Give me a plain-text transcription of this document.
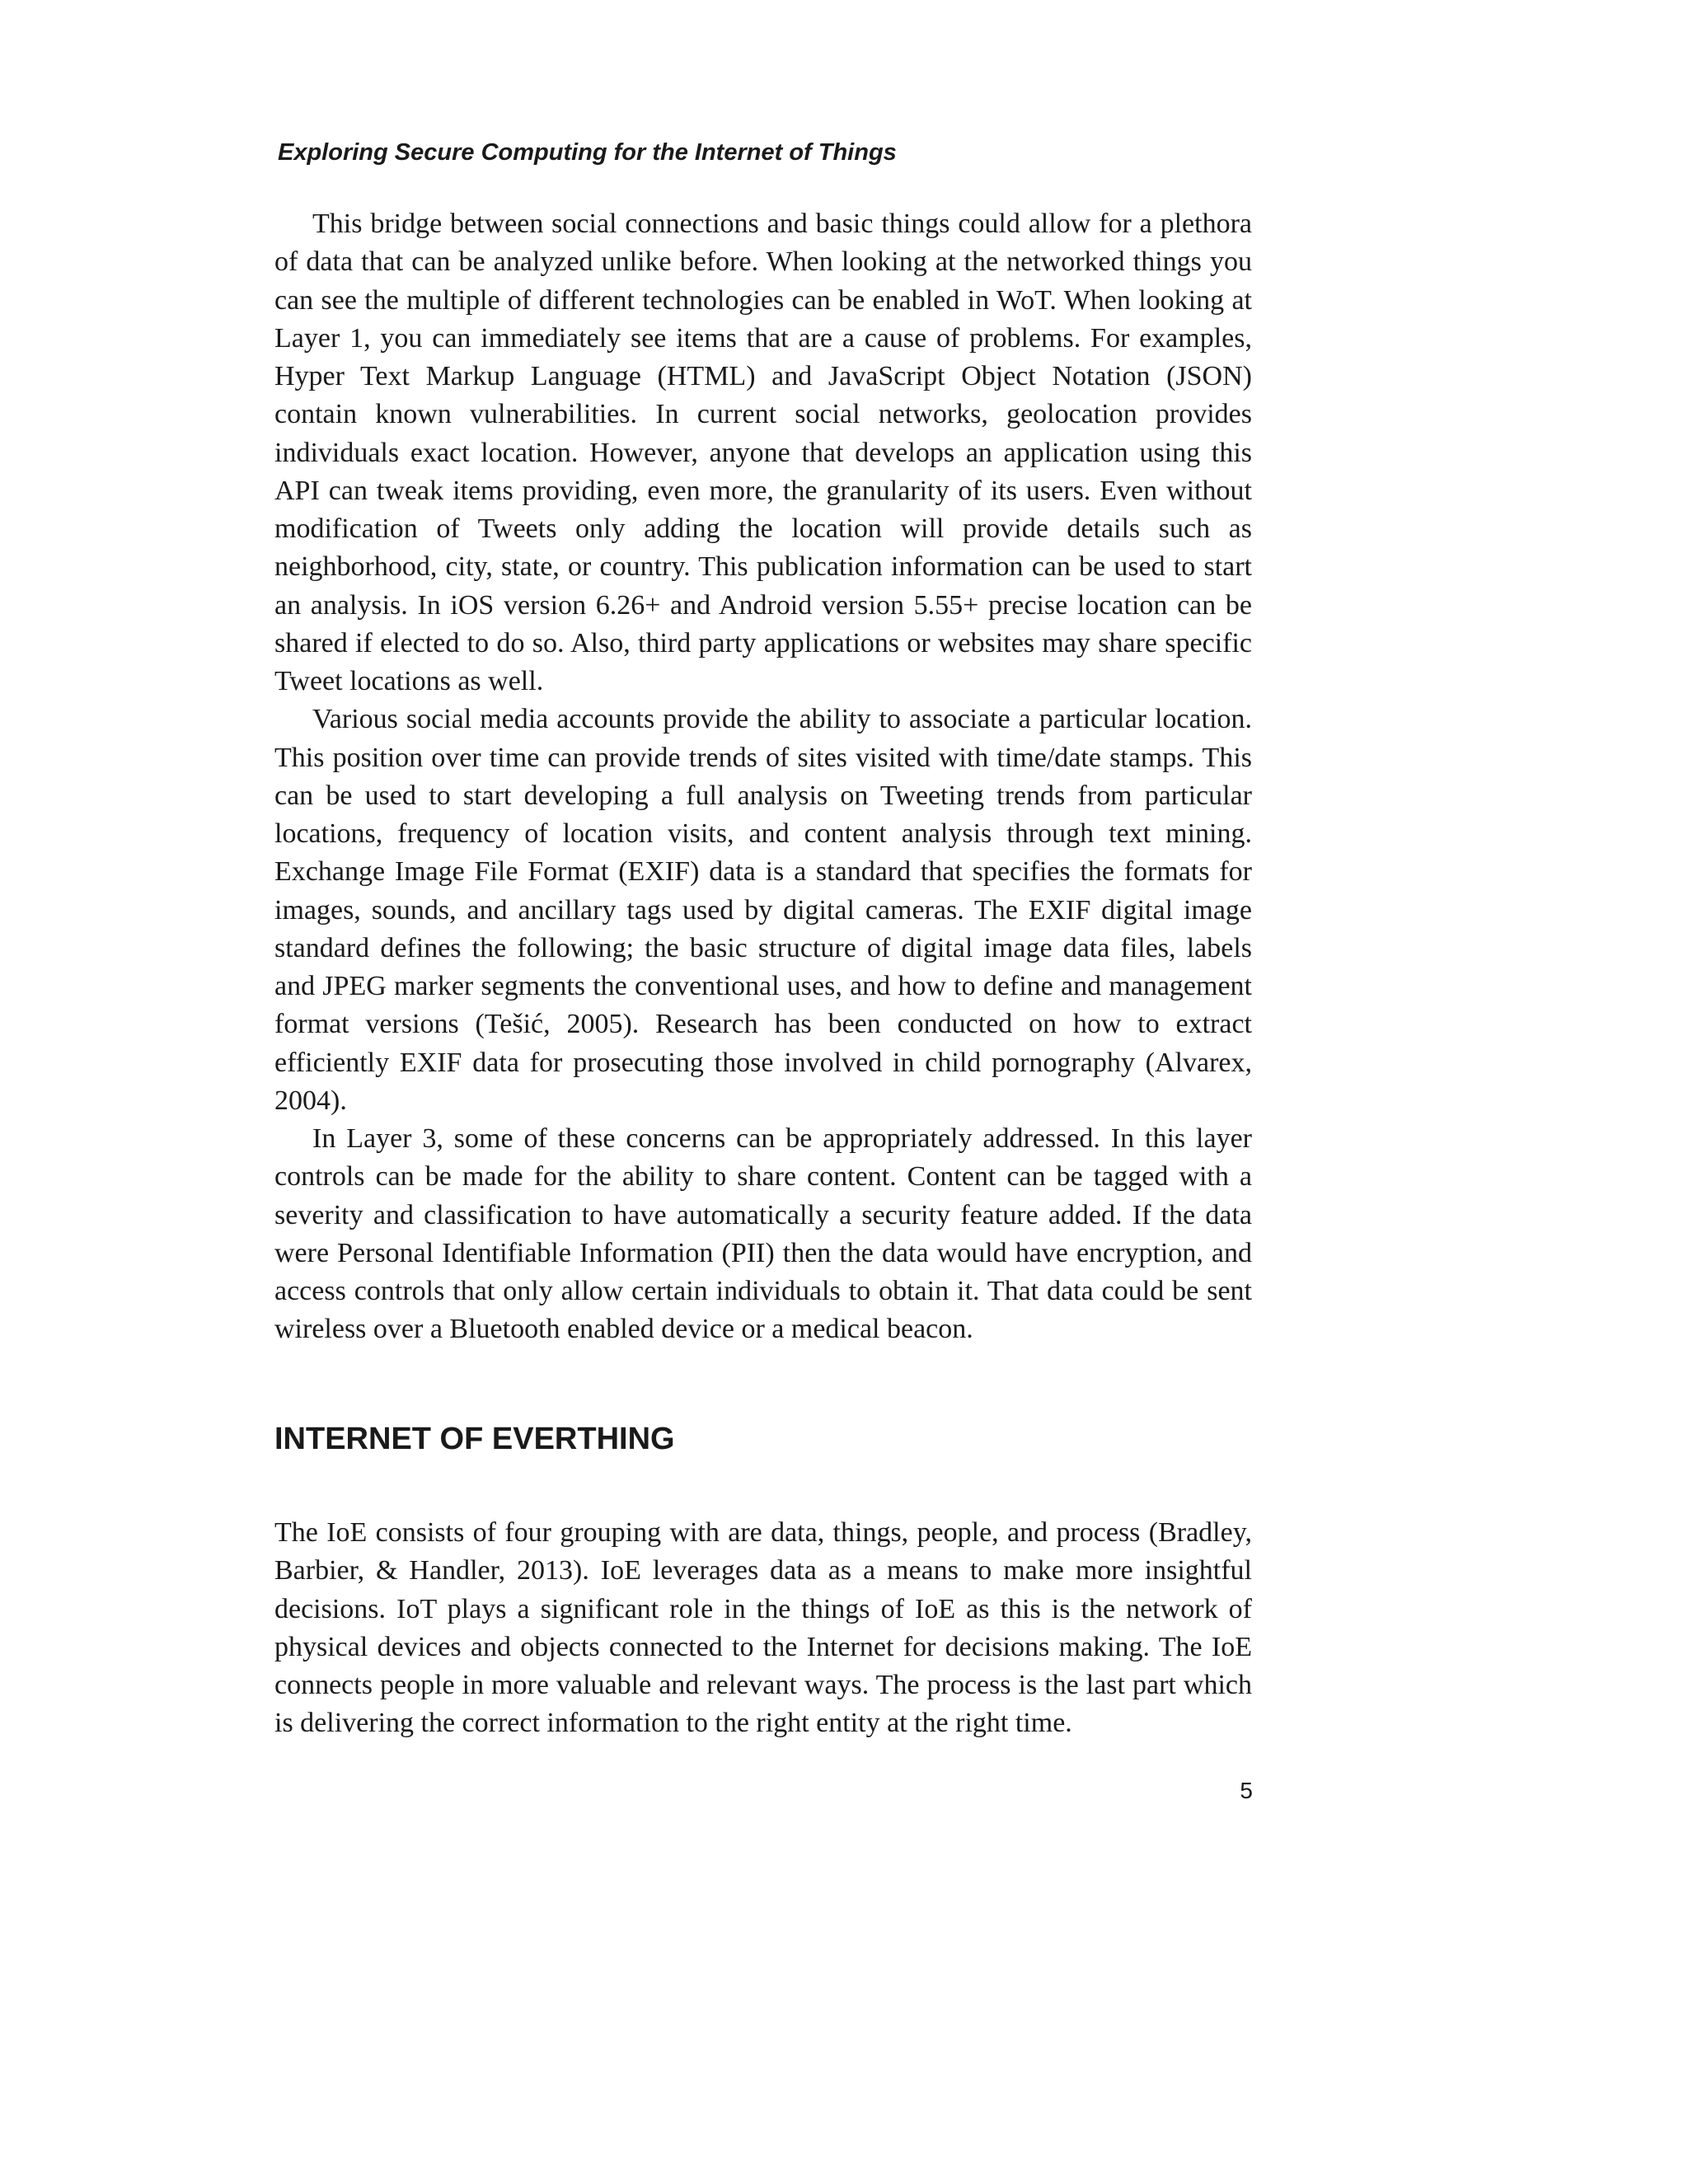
Exploring Secure Computing for the Internet of Things

This bridge between social connections and basic things could allow for a plethora of data that can be analyzed unlike before. When looking at the networked things you can see the multiple of different technologies can be enabled in WoT. When looking at Layer 1, you can immediately see items that are a cause of problems. For examples, Hyper Text Markup Language (HTML) and JavaScript Object Notation (JSON) contain known vulnerabilities. In current social networks, geolocation provides individuals exact location. However, anyone that develops an application using this API can tweak items providing, even more, the granularity of its users. Even without modification of Tweets only adding the location will provide details such as neighborhood, city, state, or country. This publication information can be used to start an analysis. In iOS version 6.26+ and Android version 5.55+ precise location can be shared if elected to do so. Also, third party applications or websites may share specific Tweet locations as well.

Various social media accounts provide the ability to associate a particular location. This position over time can provide trends of sites visited with time/date stamps. This can be used to start developing a full analysis on Tweeting trends from particular locations, frequency of location visits, and content analysis through text mining. Exchange Image File Format (EXIF) data is a standard that specifies the formats for images, sounds, and ancillary tags used by digital cameras. The EXIF digital image standard defines the following; the basic structure of digital image data files, labels and JPEG marker segments the conventional uses, and how to define and management format versions (Tešić, 2005). Research has been conducted on how to extract efficiently EXIF data for prosecuting those involved in child pornography (Alvarex, 2004).

In Layer 3, some of these concerns can be appropriately addressed. In this layer controls can be made for the ability to share content. Content can be tagged with a severity and classification to have automatically a security feature added. If the data were Personal Identifiable Information (PII) then the data would have encryption, and access controls that only allow certain individuals to obtain it. That data could be sent wireless over a Bluetooth enabled device or a medical beacon.

INTERNET OF EVERTHING

The IoE consists of four grouping with are data, things, people, and process (Bradley, Barbier, & Handler, 2013). IoE leverages data as a means to make more insightful decisions. IoT plays a significant role in the things of IoE as this is the network of physical devices and objects connected to the Internet for decisions making. The IoE connects people in more valuable and relevant ways. The process is the last part which is delivering the correct information to the right entity at the right time.

5
